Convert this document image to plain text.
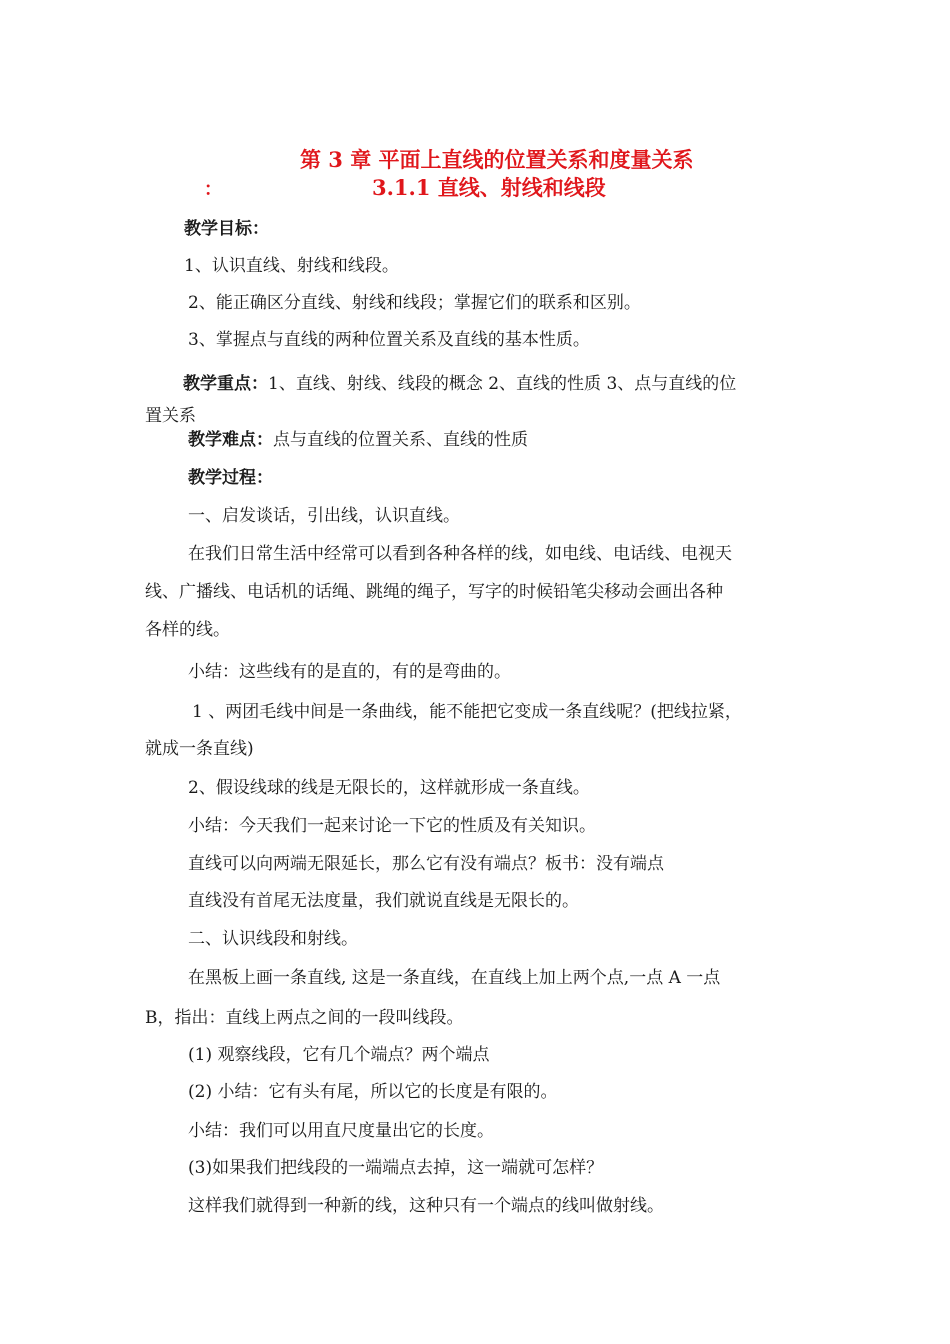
第 3 章 平面上直线的位置关系和度量关系
：	3.1.1 直线、射线和线段
教学目标：
1、认识直线、射线和线段。
2、能正确区分直线、射线和线段；掌握它们的联系和区别。
3、掌握点与直线的两种位置关系及直线的基本性质。
教学重点：1、直线、射线、线段的概念 2、直线的性质 3、点与直线的位
置关系
教学难点：点与直线的位置关系、直线的性质
教学过程：
一、启发谈话，引出线，认识直线。
在我们日常生活中经常可以看到各种各样的线，如电线、电话线、电视天
线、广播线、电话机的话绳、跳绳的绳子，写字的时候铅笔尖移动会画出各种
各样的线。
小结：这些线有的是直的，有的是弯曲的。
1 、两团毛线中间是一条曲线，能不能把它变成一条直线呢？(把线拉紧，
就成一条直线)
2、假设线球的线是无限长的，这样就形成一条直线。
小结：今天我们一起来讨论一下它的性质及有关知识。
直线可以向两端无限延长，那么它有没有端点？板书：没有端点
直线没有首尾无法度量，我们就说直线是无限长的。
二、认识线段和射线。
在黑板上画一条直线, 这是一条直线，在直线上加上两个点,一点 A 一点
B，指出：直线上两点之间的一段叫线段。
(1) 观察线段，它有几个端点？两个端点
(2) 小结：它有头有尾，所以它的长度是有限的。
小结：我们可以用直尺度量出它的长度。
(3)如果我们把线段的一端端点去掉，这一端就可怎样？
这样我们就得到一种新的线，这种只有一个端点的线叫做射线。
